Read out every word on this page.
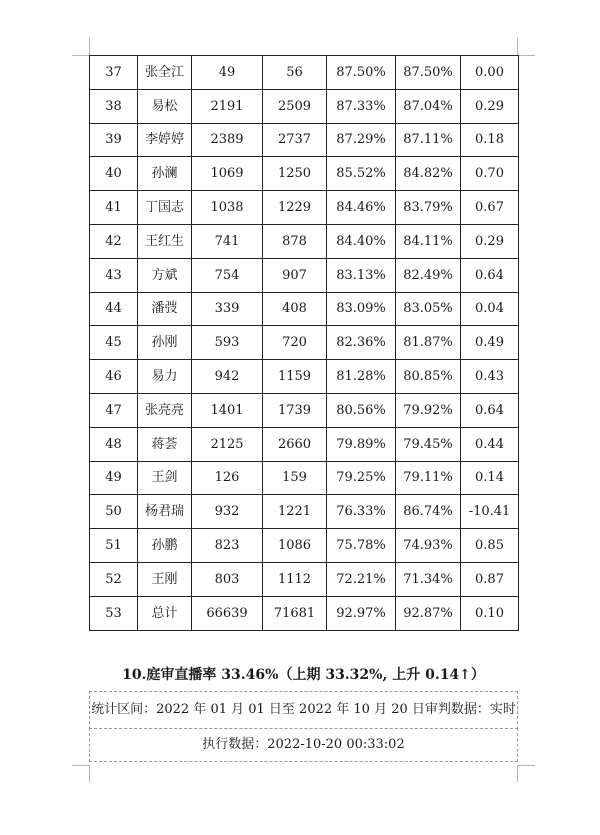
37	张全江	49	56	87.50%	87.50%	0.00
38	易松	2191	2509	87.33%	87.04%	0.29
39	李婷婷	2389	2737	87.29%	87.11%	0.18
40	孙澜	1069	1250	85.52%	84.82%	0.70
41	丁国志	1038	1229	84.46%	83.79%	0.67
42	王红生	741	878	84.40%	84.11%	0.29
43	方斌	754	907	83.13%	82.49%	0.64
44	潘弢	339	408	83.09%	83.05%	0.04
45	孙刚	593	720	82.36%	81.87%	0.49
46	易力	942	1159	81.28%	80.85%	0.43
47	张亮亮	1401	1739	80.56%	79.92%	0.64
48	蒋荟	2125	2660	79.89%	79.45%	0.44
49	王剑	126	159	79.25%	79.11%	0.14
50	杨君瑞	932	1221	76.33%	86.74%	-10.41
51	孙鹏	823	1086	75.78%	74.93%	0.85
52	王刚	803	1112	72.21%	71.34%	0.87
53	总计	66639	71681	92.97%	92.87%	0.10
10.庭审直播率 33.46%（上期 33.32%, 上升 0.14↑）
统计区间：2022 年 01 月 01 日至 2022 年 10 月 20 日审判数据：实时
执行数据：2022-10-20 00:33:02
